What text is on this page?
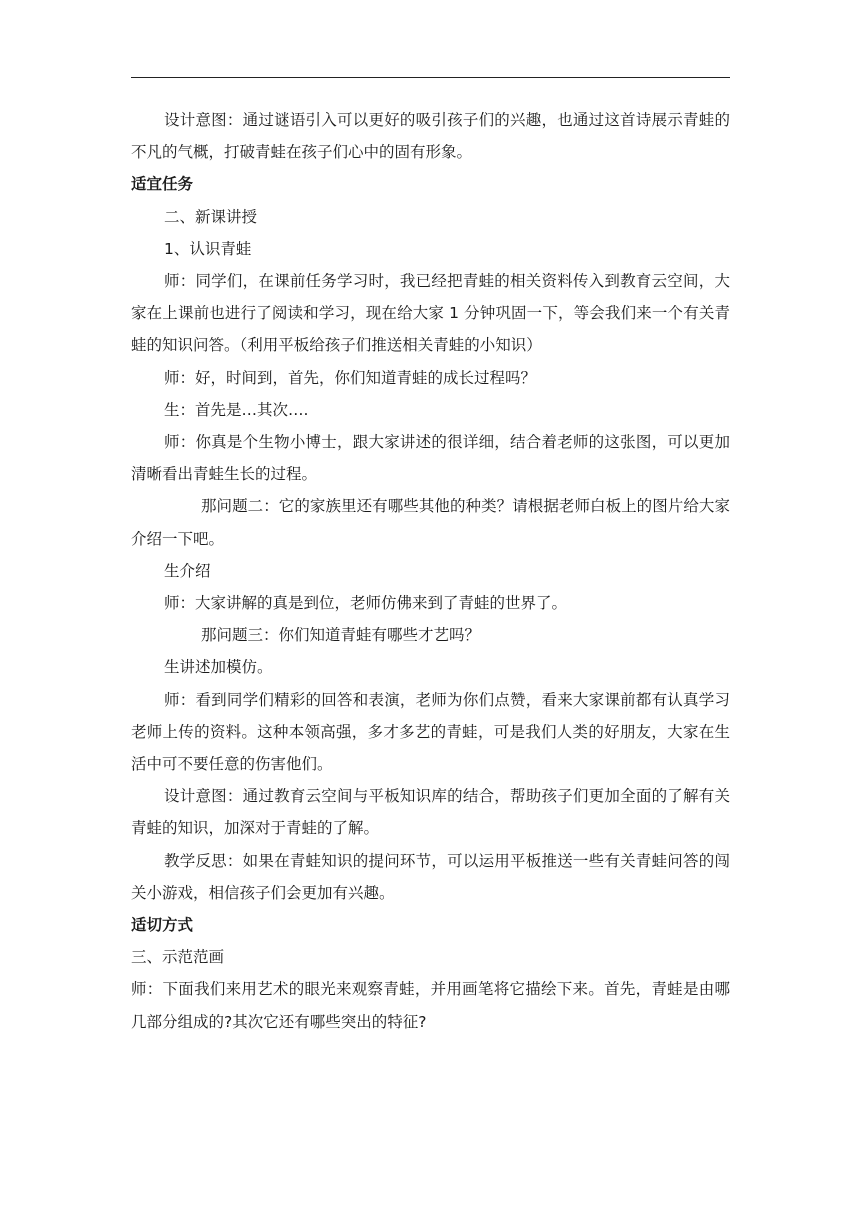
设计意图：通过谜语引入可以更好的吸引孩子们的兴趣，也通过这首诗展示青蛙的不凡的气概，打破青蛙在孩子们心中的固有形象。

适宜任务

二、新课讲授

1、认识青蛙

师：同学们，在课前任务学习时，我已经把青蛙的相关资料传入到教育云空间，大家在上课前也进行了阅读和学习，现在给大家 1 分钟巩固一下，等会我们来一个有关青蛙的知识问答。（利用平板给孩子们推送相关青蛙的小知识）

师：好，时间到，首先，你们知道青蛙的成长过程吗？

生：首先是…其次….

师：你真是个生物小博士，跟大家讲述的很详细，结合着老师的这张图，可以更加清晰看出青蛙生长的过程。

那问题二：它的家族里还有哪些其他的种类？请根据老师白板上的图片给大家介绍一下吧。

生介绍

师：大家讲解的真是到位，老师仿佛来到了青蛙的世界了。

那问题三：你们知道青蛙有哪些才艺吗？

生讲述加模仿。

师：看到同学们精彩的回答和表演，老师为你们点赞，看来大家课前都有认真学习老师上传的资料。这种本领高强，多才多艺的青蛙，可是我们人类的好朋友，大家在生活中可不要任意的伤害他们。

设计意图：通过教育云空间与平板知识库的结合，帮助孩子们更加全面的了解有关青蛙的知识，加深对于青蛙的了解。

教学反思：如果在青蛙知识的提问环节，可以运用平板推送一些有关青蛙问答的闯关小游戏，相信孩子们会更加有兴趣。

适切方式

三、示范范画

师：下面我们来用艺术的眼光来观察青蛙，并用画笔将它描绘下来。首先，青蛙是由哪几部分组成的?其次它还有哪些突出的特征?
